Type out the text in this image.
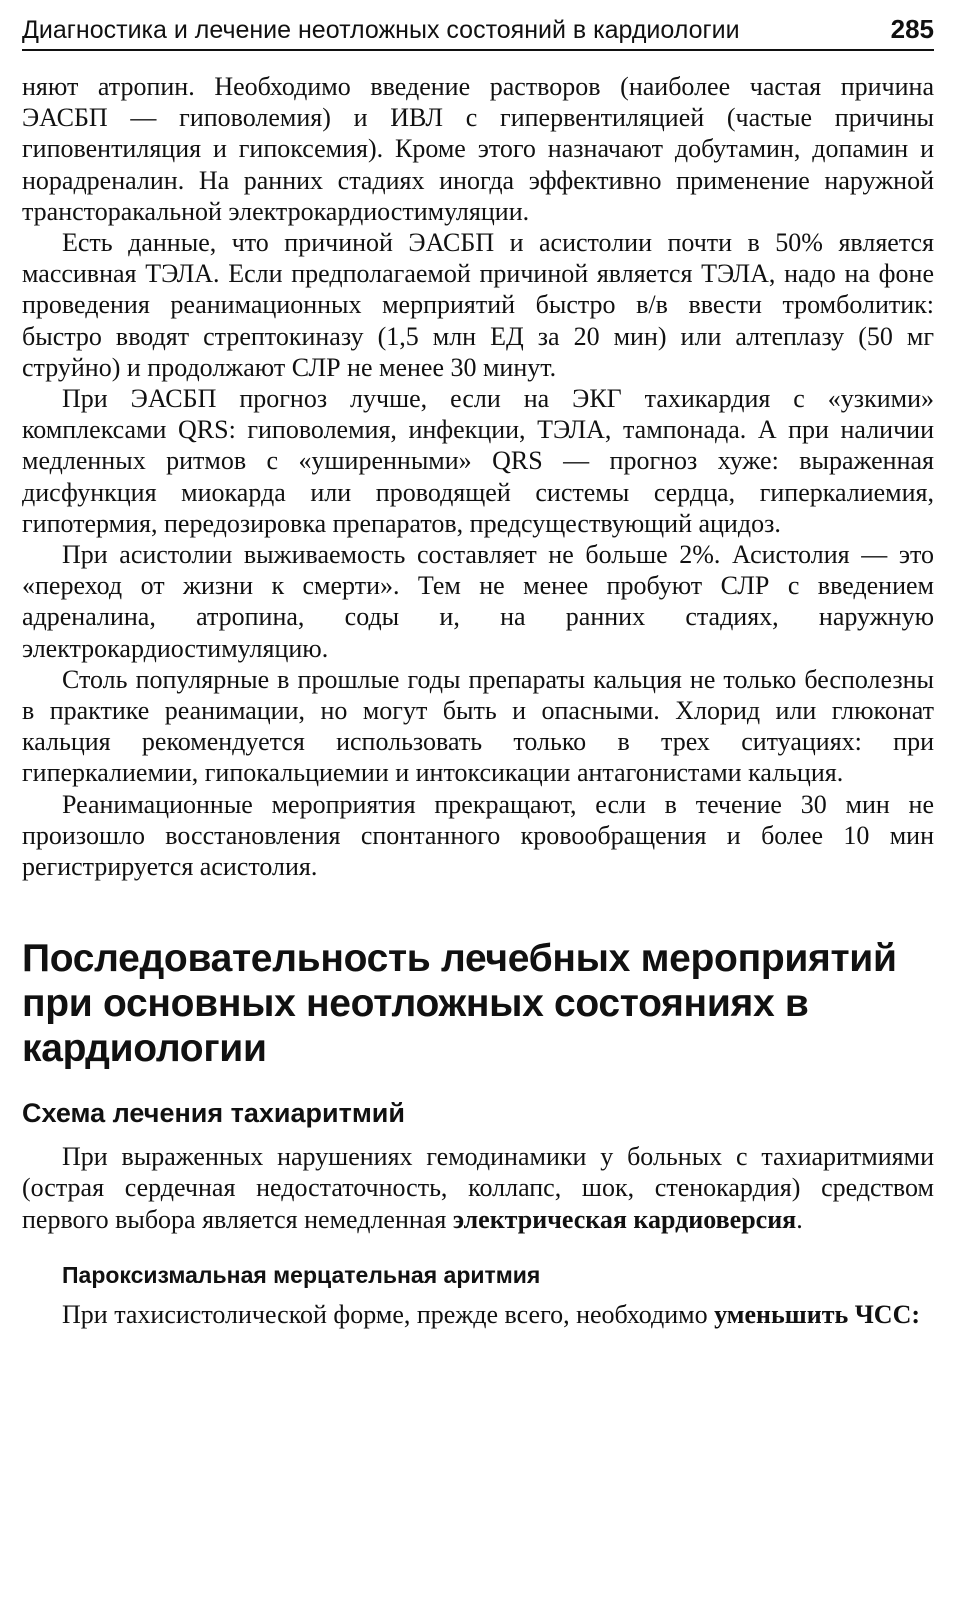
Диагностика и лечение неотложных состояний в кардиологии	285

няют атропин. Необходимо введение растворов (наиболее частая причина ЭАСБП — гиповолемия) и ИВЛ с гипервентиляцией (частые причины гиповентиляция и гипоксемия). Кроме этого назначают добутамин, допамин и норадреналин. На ранних стадиях иногда эффективно применение наружной трансторакальной электрокардиостимуляции.

Есть данные, что причиной ЭАСБП и асистолии почти в 50% является массивная ТЭЛА. Если предполагаемой причиной является ТЭЛА, надо на фоне проведения реанимационных мерприятий быстро в/в ввести тромболитик: быстро вводят стрептокиназу (1,5 млн ЕД за 20 мин) или алтеплазу (50 мг струйно) и продолжают СЛР не менее 30 минут.

При ЭАСБП прогноз лучше, если на ЭКГ тахикардия с «узкими» комплексами QRS: гиповолемия, инфекции, ТЭЛА, тампонада. А при наличии медленных ритмов с «уширенными» QRS — прогноз хуже: выраженная дисфункция миокарда или проводящей системы сердца, гиперкалиемия, гипотермия, передозировка препаратов, предсуществующий ацидоз.

При асистолии выживаемость составляет не больше 2%. Асистолия — это «переход от жизни к смерти». Тем не менее пробуют СЛР с введением адреналина, атропина, соды и, на ранних стадиях, наружную электрокардиостимуляцию.

Столь популярные в прошлые годы препараты кальция не только бесполезны в практике реанимации, но могут быть и опасными. Хлорид или глюконат кальция рекомендуется использовать только в трех ситуациях: при гиперкалиемии, гипокальциемии и интоксикации антагонистами кальция.

Реанимационные мероприятия прекращают, если в течение 30 мин не произошло восстановления спонтанного кровообращения и более 10 мин регистрируется асистолия.

Последовательность лечебных мероприятий при основных неотложных состояниях в кардиологии
Схема лечения тахиаритмий

При выраженных нарушениях гемодинамики у больных с тахиаритмиями (острая сердечная недостаточность, коллапс, шок, стенокардия) средством первого выбора является немедленная электрическая кардиоверсия.

Пароксизмальная мерцательная аритмия

При тахисистолической форме, прежде всего, необходимо уменьшить ЧСС:
